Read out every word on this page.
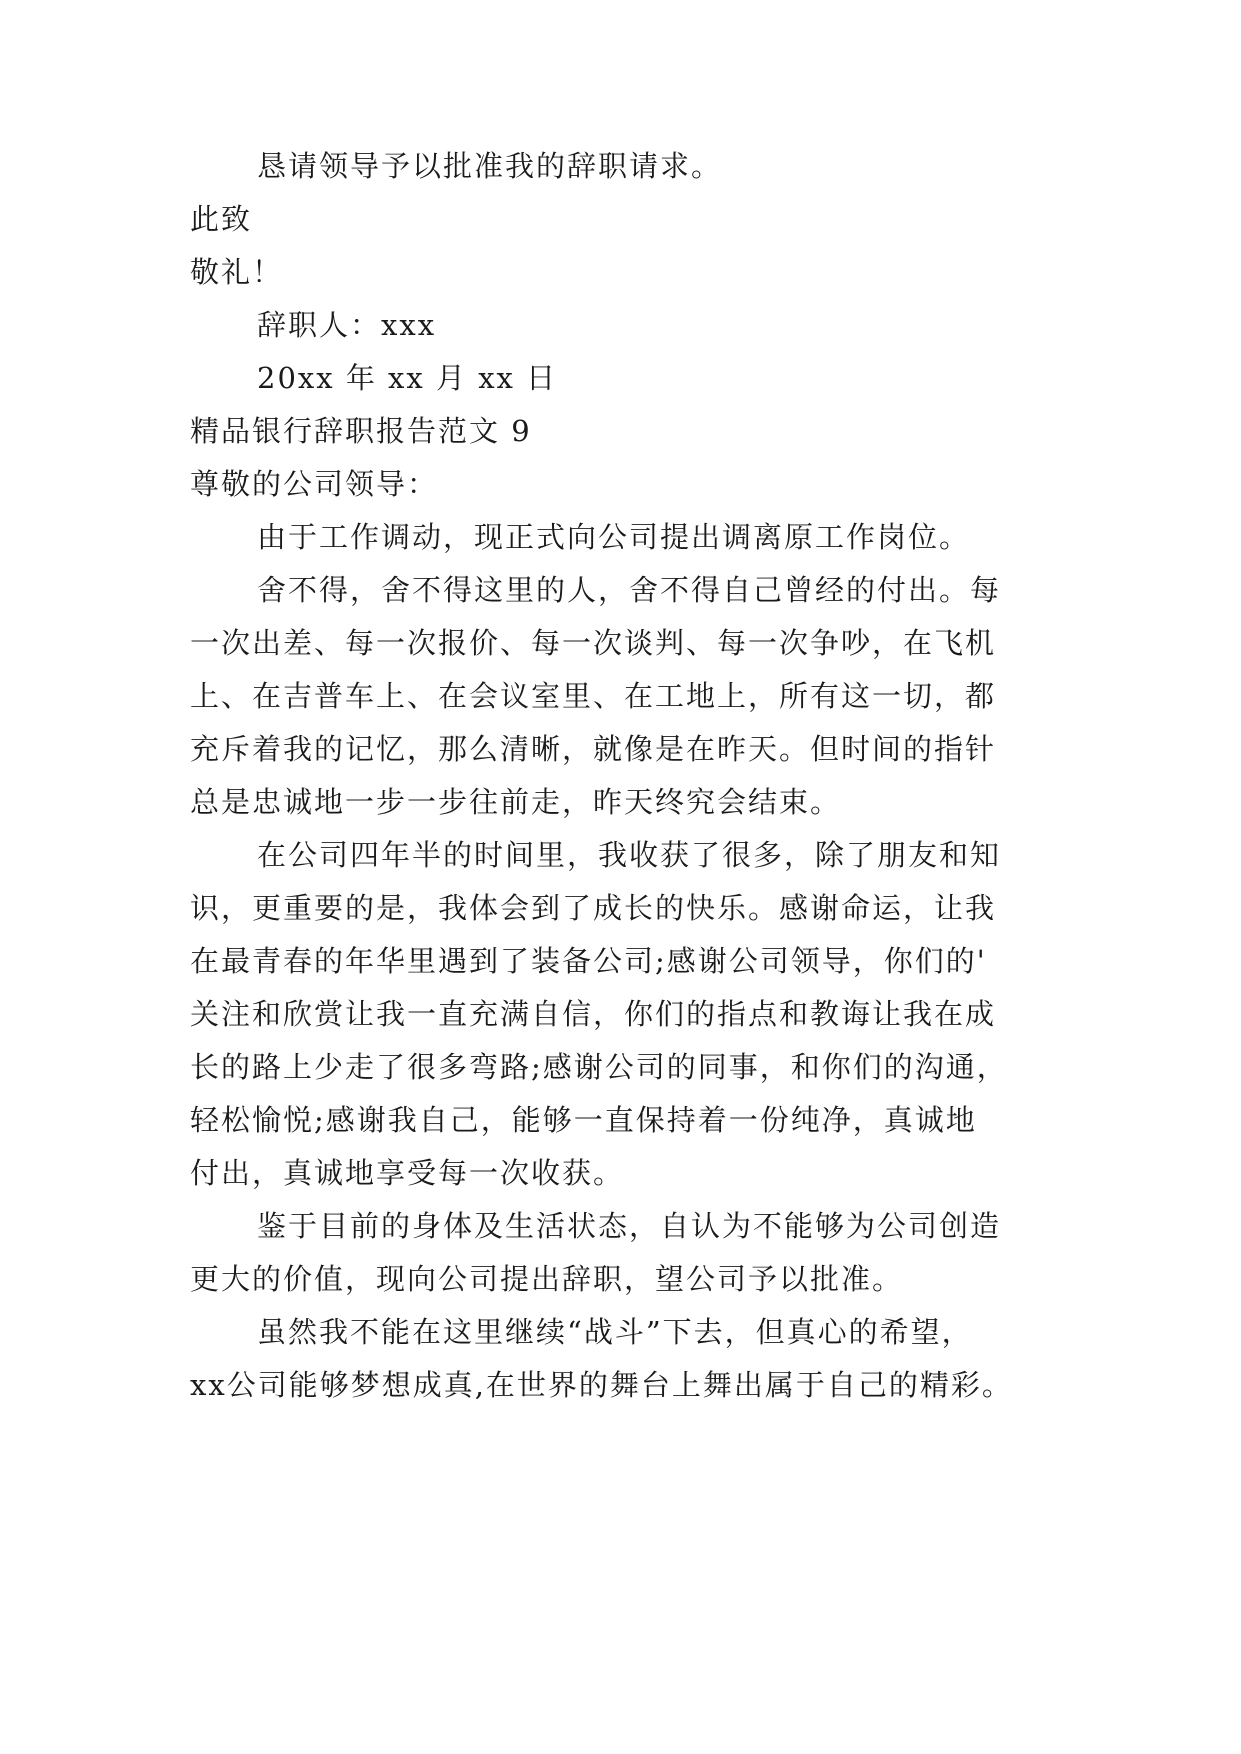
恳请领导予以批准我的辞职请求。
此致
敬礼！
辞职人：xxx
20xx 年 xx 月 xx 日
精品银行辞职报告范文 9
尊敬的公司领导：
由于工作调动，现正式向公司提出调离原工作岗位。
舍不得，舍不得这里的人，舍不得自己曾经的付出。每
一次出差、每一次报价、每一次谈判、每一次争吵，在飞机
上、在吉普车上、在会议室里、在工地上，所有这一切，都
充斥着我的记忆，那么清晰，就像是在昨天。但时间的指针
总是忠诚地一步一步往前走，昨天终究会结束。
在公司四年半的时间里，我收获了很多，除了朋友和知
识，更重要的是，我体会到了成长的快乐。感谢命运，让我
在最青春的年华里遇到了装备公司;感谢公司领导，你们的'
关注和欣赏让我一直充满自信，你们的指点和教诲让我在成
长的路上少走了很多弯路;感谢公司的同事，和你们的沟通，
轻松愉悦;感谢我自己，能够一直保持着一份纯净，真诚地
付出，真诚地享受每一次收获。
鉴于目前的身体及生活状态，自认为不能够为公司创造
更大的价值，现向公司提出辞职，望公司予以批准。
虽然我不能在这里继续“战斗”下去，但真心的希望，
xx公司能够梦想成真,在世界的舞台上舞出属于自己的精彩。
